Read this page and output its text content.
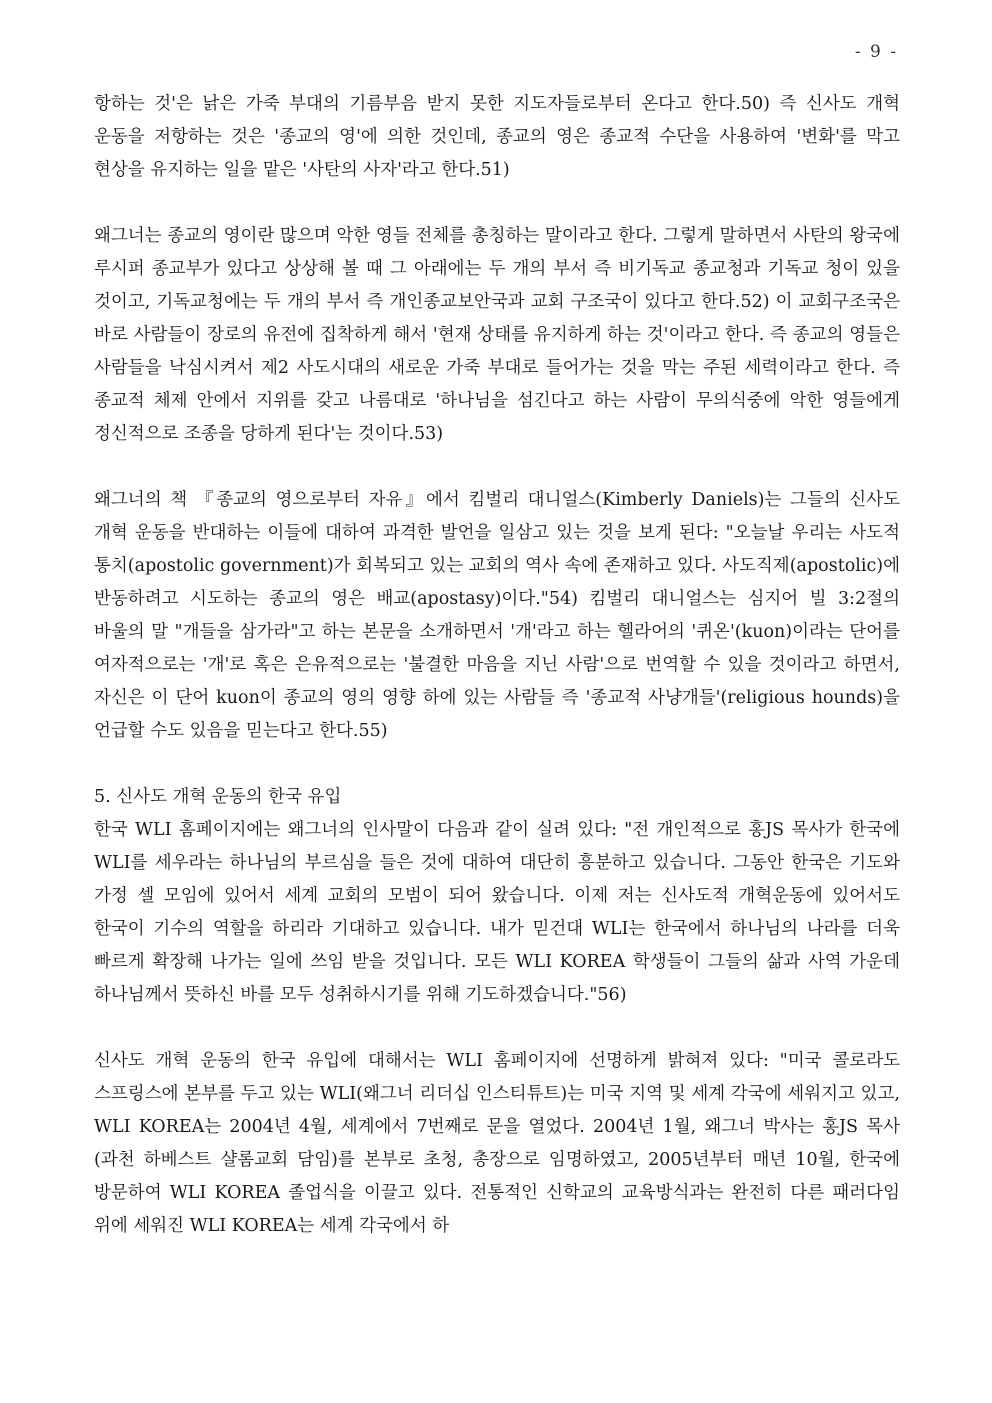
- 9 -

항하는 것'은 낡은 가죽 부대의 기름부음 받지 못한 지도자들로부터 온다고 한다.50) 즉 신사도 개혁 운동을 저항하는 것은 '종교의 영'에 의한 것인데, 종교의 영은 종교적 수단을 사용하여 '변화'를 막고 현상을 유지하는 일을 맡은 '사탄의 사자'라고 한다.51)

왜그너는 종교의 영이란 많으며 악한 영들 전체를 총칭하는 말이라고 한다. 그렇게 말하면서 사탄의 왕국에 루시퍼 종교부가 있다고 상상해 볼 때 그 아래에는 두 개의 부서 즉 비기독교 종교청과 기독교 청이 있을 것이고, 기독교청에는 두 개의 부서 즉 개인종교보안국과 교회 구조국이 있다고 한다.52) 이 교회구조국은 바로 사람들이 장로의 유전에 집착하게 해서 '현재 상태를 유지하게 하는 것'이라고 한다. 즉 종교의 영들은 사람들을 낙심시켜서 제2 사도시대의 새로운 가죽 부대로 들어가는 것을 막는 주된 세력이라고 한다. 즉 종교적 체제 안에서 지위를 갖고 나름대로 '하나님을 섬긴다고 하는 사람이 무의식중에 악한 영들에게 정신적으로 조종을 당하게 된다'는 것이다.53)

왜그너의 책 『종교의 영으로부터 자유』에서 킴벌리 대니얼스(Kimberly Daniels)는 그들의 신사도 개혁 운동을 반대하는 이들에 대하여 과격한 발언을 일삼고 있는 것을 보게 된다: "오늘날 우리는 사도적 통치(apostolic government)가 회복되고 있는 교회의 역사 속에 존재하고 있다. 사도직제(apostolic)에 반동하려고 시도하는 종교의 영은 배교(apostasy)이다."54) 킴벌리 대니얼스는 심지어 빌 3:2절의 바울의 말 "개들을 삼가라"고 하는 본문을 소개하면서 '개'라고 하는 헬라어의 '퀴온'(kuon)이라는 단어를 여자적으로는 '개'로 혹은 은유적으로는 '불결한 마음을 지닌 사람'으로 번역할 수 있을 것이라고 하면서, 자신은 이 단어 kuon이 종교의 영의 영향 하에 있는 사람들 즉 '종교적 사냥개들'(religious hounds)을 언급할 수도 있음을 믿는다고 한다.55)

5. 신사도 개혁 운동의 한국 유입

한국 WLI 홈페이지에는 왜그너의 인사말이 다음과 같이 실려 있다: "전 개인적으로 홍JS 목사가 한국에 WLI를 세우라는 하나님의 부르심을 들은 것에 대하여 대단히 흥분하고 있습니다. 그동안 한국은 기도와 가정 셀 모임에 있어서 세계 교회의 모범이 되어 왔습니다. 이제 저는 신사도적 개혁운동에 있어서도 한국이 기수의 역할을 하리라 기대하고 있습니다. 내가 믿건대 WLI는 한국에서 하나님의 나라를 더욱 빠르게 확장해 나가는 일에 쓰임 받을 것입니다. 모든 WLI KOREA 학생들이 그들의 삶과 사역 가운데 하나님께서 뜻하신 바를 모두 성취하시기를 위해 기도하겠습니다."56)

신사도 개혁 운동의 한국 유입에 대해서는 WLI 홈페이지에 선명하게 밝혀져 있다: "미국 콜로라도 스프링스에 본부를 두고 있는 WLI(왜그너 리더십 인스티튜트)는 미국 지역 및 세계 각국에 세워지고 있고, WLI KOREA는 2004년 4월, 세계에서 7번째로 문을 열었다. 2004년 1월, 왜그너 박사는 홍JS 목사(과천 하베스트 샬롬교회 담임)를 본부로 초청, 총장으로 임명하였고, 2005년부터 매년 10월, 한국에 방문하여 WLI KOREA 졸업식을 이끌고 있다. 전통적인 신학교의 교육방식과는 완전히 다른 패러다임 위에 세워진 WLI KOREA는 세계 각국에서 하
